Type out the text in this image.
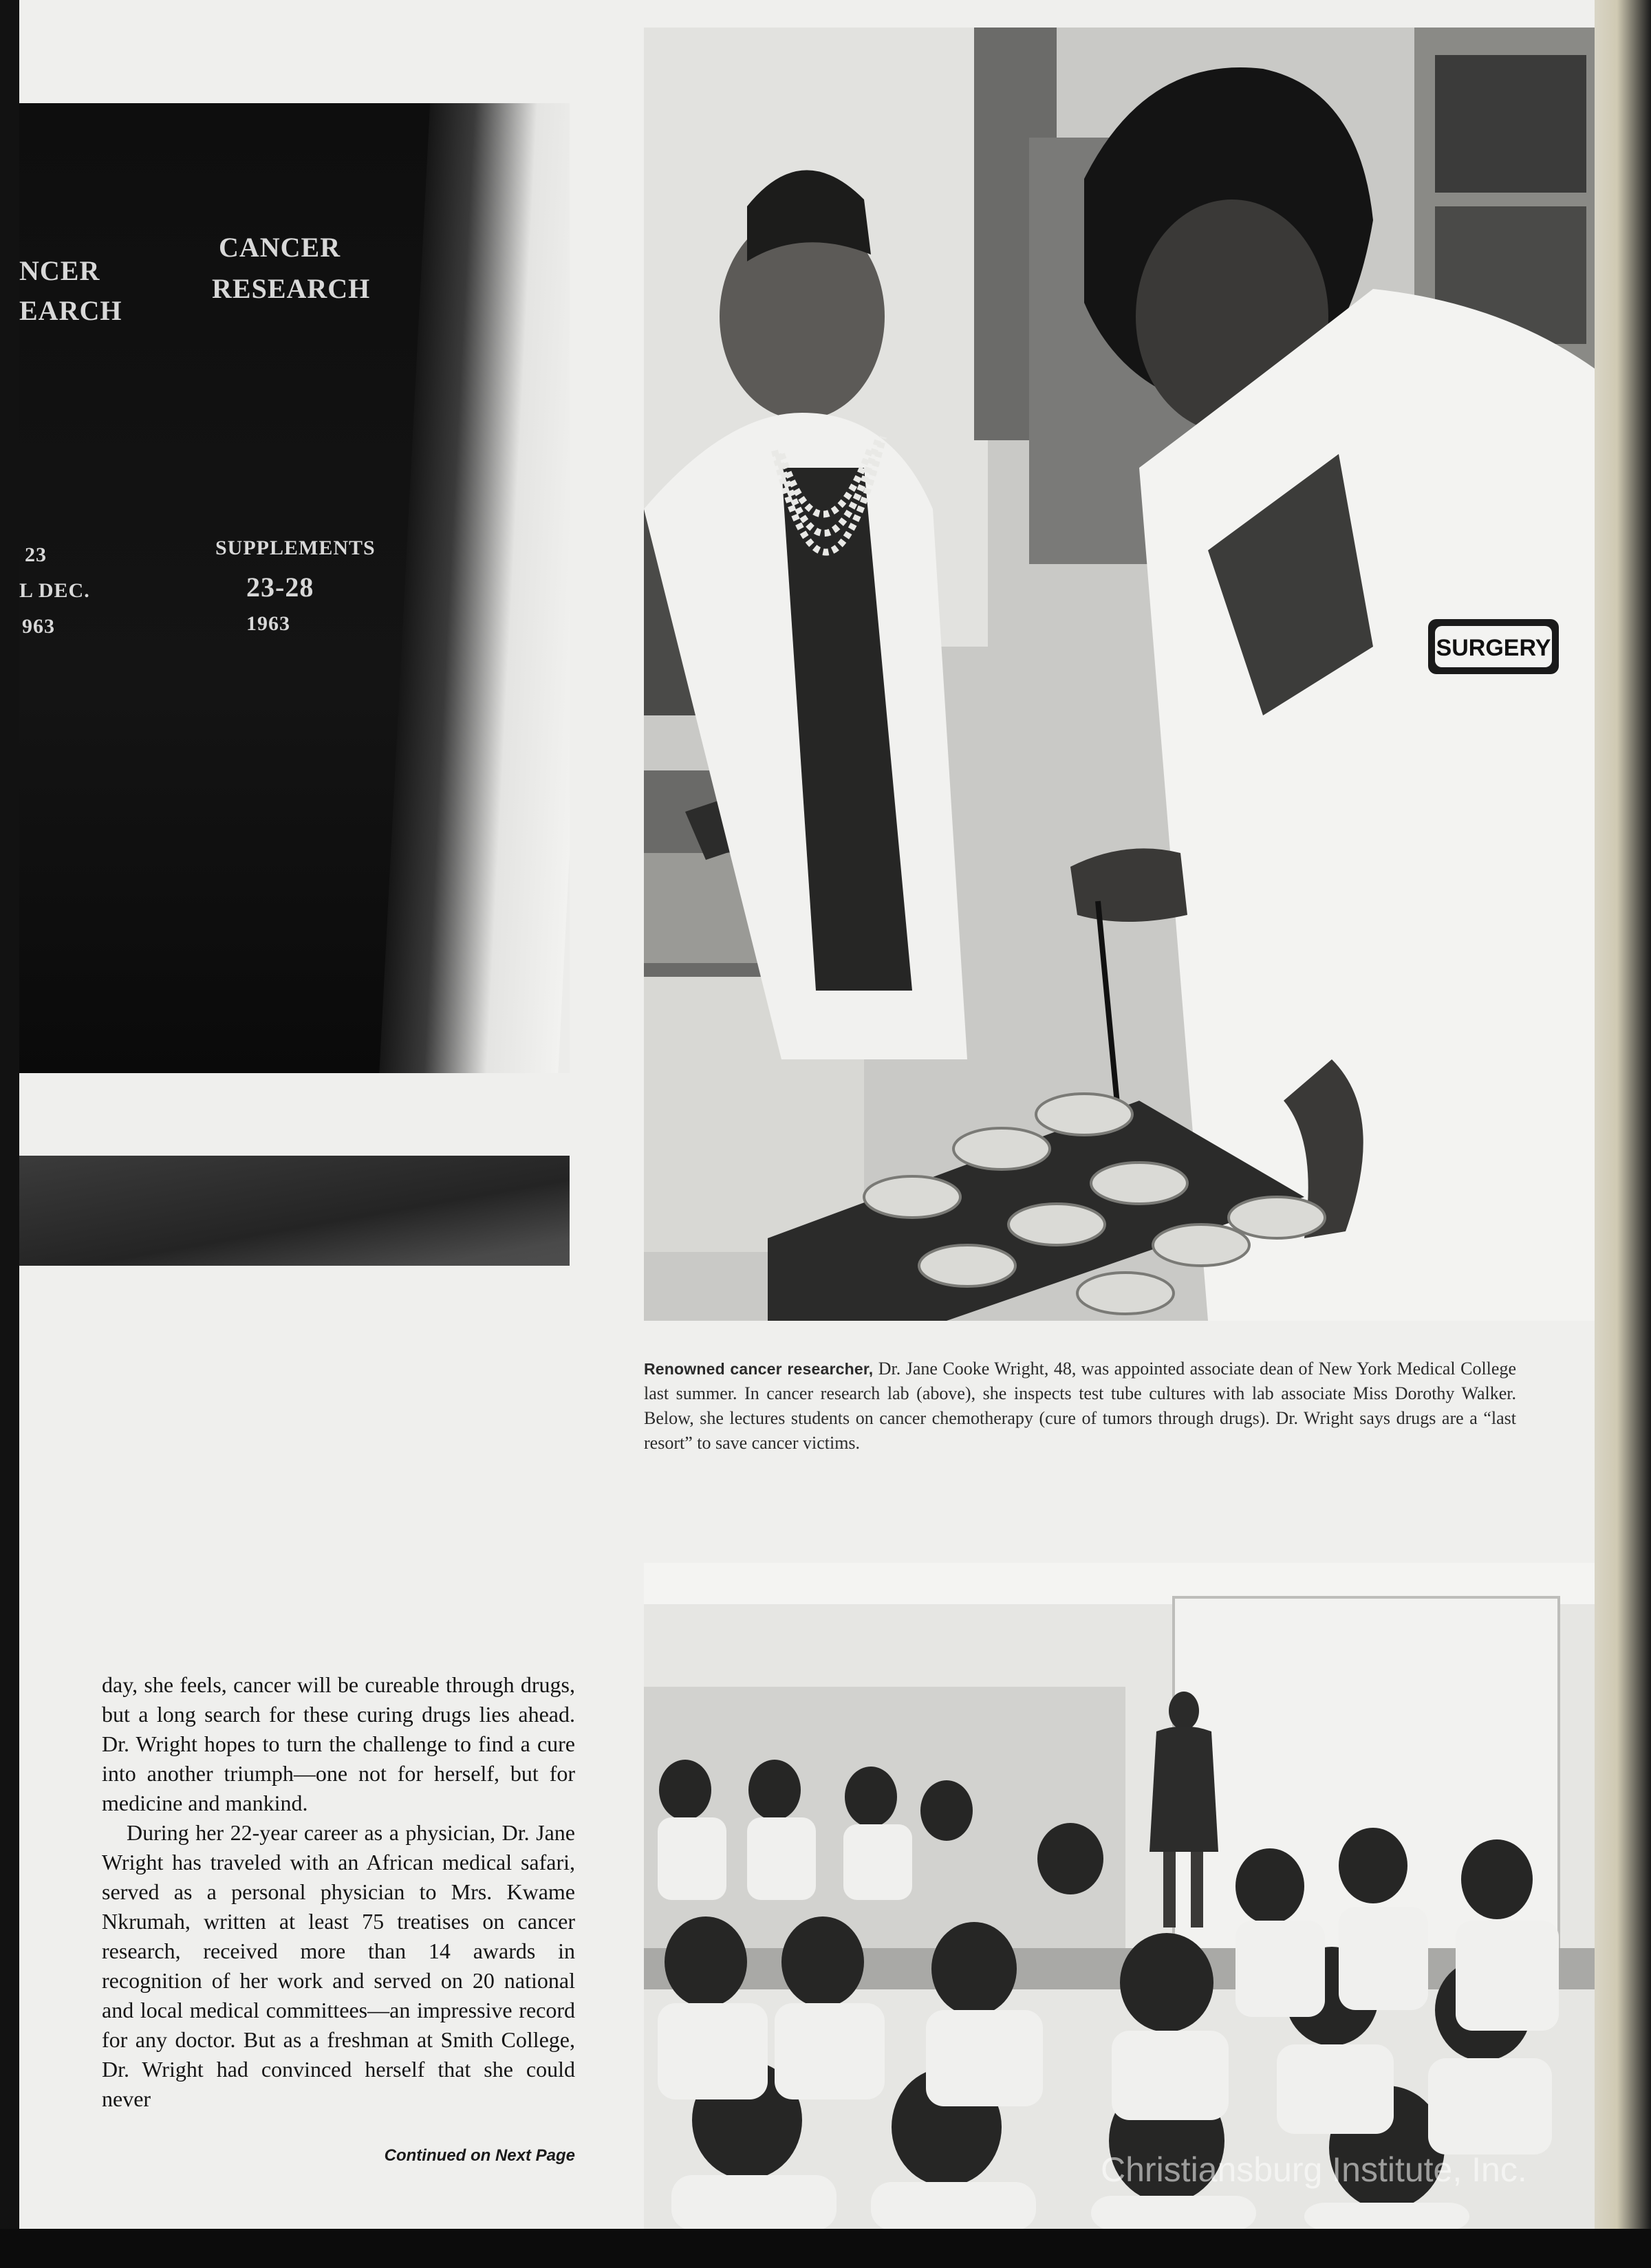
NCER
EARCH
CANCER
RESEARCH
23
L DEC.
963
SUPPLEMENTS
23-28
1963
SURGERY
Renowned cancer researcher, Dr. Jane Cooke Wright, 48, was appointed associate dean of New York Medical College last summer. In cancer research lab (above), she inspects test tube cultures with lab associate Miss Dorothy Walker. Below, she lectures students on cancer chemotherapy (cure of tumors through drugs). Dr. Wright says drugs are a “last resort” to save cancer victims.

day, she feels, cancer will be cureable through drugs, but a long search for these curing drugs lies ahead. Dr. Wright hopes to turn the challenge to find a cure into another triumph—one not for herself, but for medicine and mankind.

During her 22-year career as a physician, Dr. Jane Wright has traveled with an African medical safari, served as a personal physician to Mrs. Kwame Nkrumah, written at least 75 treatises on cancer research, received more than 14 awards in recognition of her work and served on 20 national and local medical committees—an impressive record for any doctor. But as a freshman at Smith College, Dr. Wright had convinced herself that she could never

Continued on Next Page	Christiansburg Institute, Inc.
